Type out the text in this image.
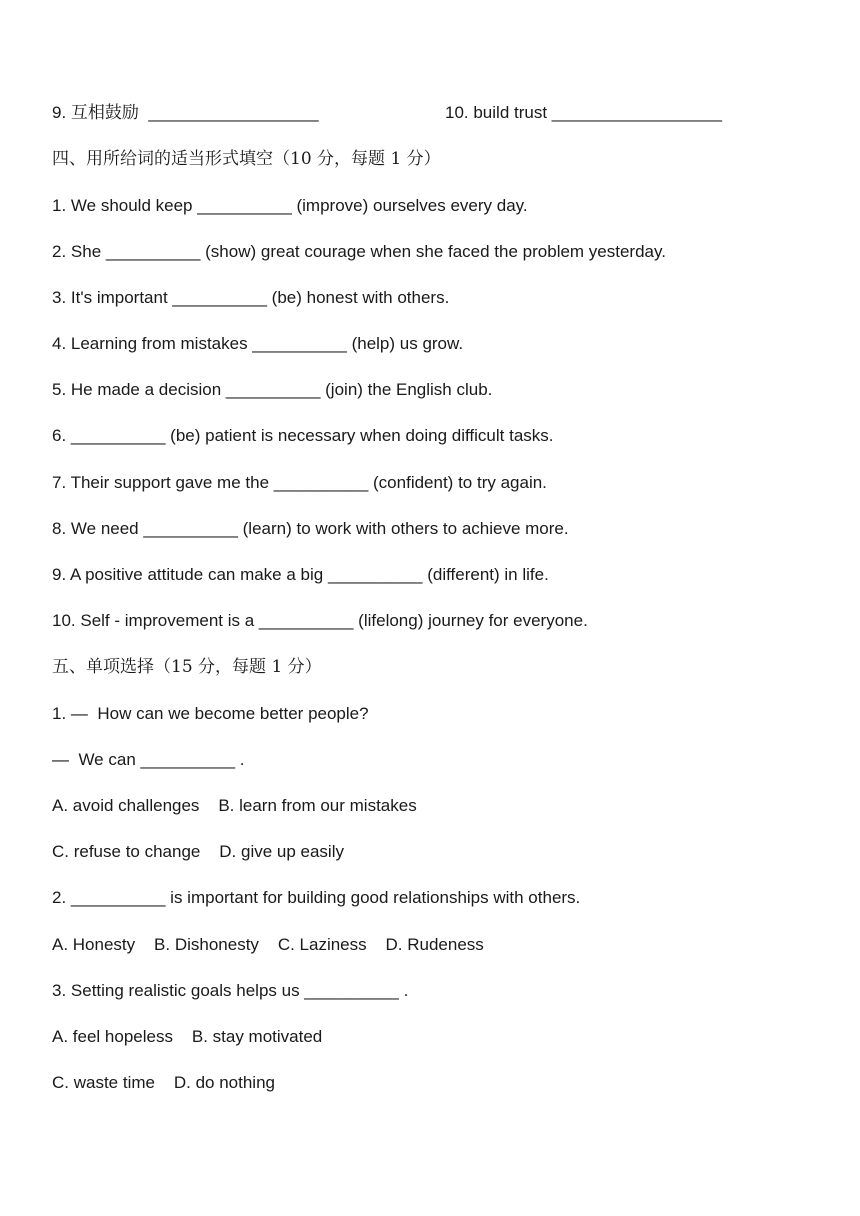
9. 互相鼓励  __________________	10. build trust __________________
四、用所给词的适当形式填空（10 分，每题 1 分）
1. We should keep __________ (improve) ourselves every day.
2. She __________ (show) great courage when she faced the problem yesterday.
3. It's important __________ (be) honest with others.
4. Learning from mistakes __________ (help) us grow.
5. He made a decision __________ (join) the English club.
6. __________ (be) patient is necessary when doing difficult tasks.
7. Their support gave me the __________ (confident) to try again.
8. We need __________ (learn) to work with others to achieve more.
9. A positive attitude can make a big __________ (different) in life.
10. Self - improvement is a __________ (lifelong) journey for everyone.
五、单项选择（15 分，每题 1 分）
1. —  How can we become better people?
—  We can __________ .
A. avoid challenges    B. learn from our mistakes
C. refuse to change    D. give up easily
2. __________ is important for building good relationships with others.
A. Honesty    B. Dishonesty    C. Laziness    D. Rudeness
3. Setting realistic goals helps us __________ .
A. feel hopeless    B. stay motivated
C. waste time    D. do nothing
